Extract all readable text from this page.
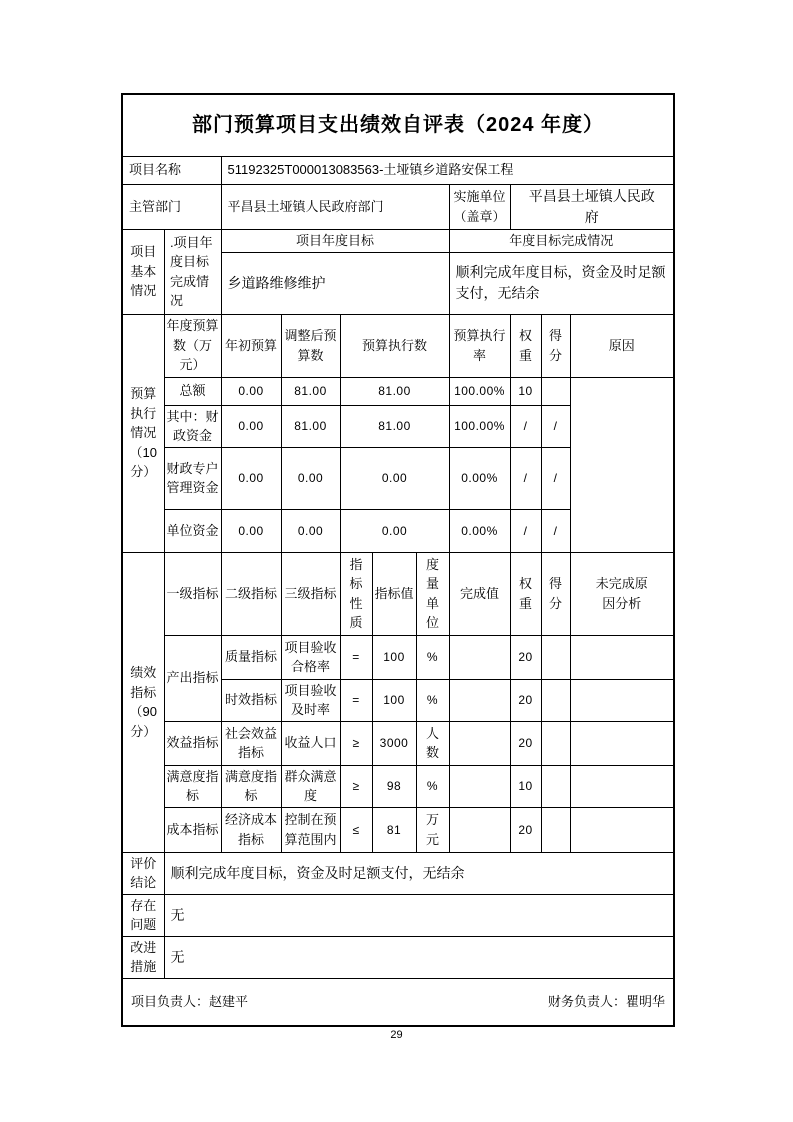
部门预算项目支出绩效自评表（2024 年度）										
项目名称		51192325T000013083563-土垭镇乡道路安保工程								
主管部门		平昌县土垭镇人民政府部门					实施单位（盖章）	平昌县土垭镇人民政府		

项目基本情况	.项目年度目标完成情况	项目年度目标					年度目标完成情况			
		乡道路维修维护					顺利完成年度目标，资金及时足额支付，无结余			

预算执行情况（10分）	年度预算数（万元）	年初预算	调整后预算数	预算执行数			预算执行率	权重	得分	原因
	总额	0.00	81.00	81.00			100.00%	10		
	其中：财政资金	0.00	81.00	81.00			100.00%	/	/	
	财政专户管理资金	0.00	0.00	0.00			0.00%	/	/	
	单位资金	0.00	0.00	0.00			0.00%	/	/	

绩效指标（90分）	一级指标	二级指标	三级指标	指标性质	指标值	度量单位	完成值	权重	得分	未完成原因分析

	产出指标	质量指标	项目验收合格率	=	100	%		20		
		时效指标	项目验收及时率	=	100	%		20		
	效益指标	社会效益指标	收益人口	≥	3000	人数		20		
	满意度指标	满意度指标	群众满意度	≥	98	%		10		
	成本指标	经济成本指标	控制在预算范围内	≤	81	万元		20		
评价结论	顺利完成年度目标，资金及时足额支付，无结余									
存在问题	无									
改进措施	无									

项目负责人：赵建平 财务负责人：瞿明华										
29
